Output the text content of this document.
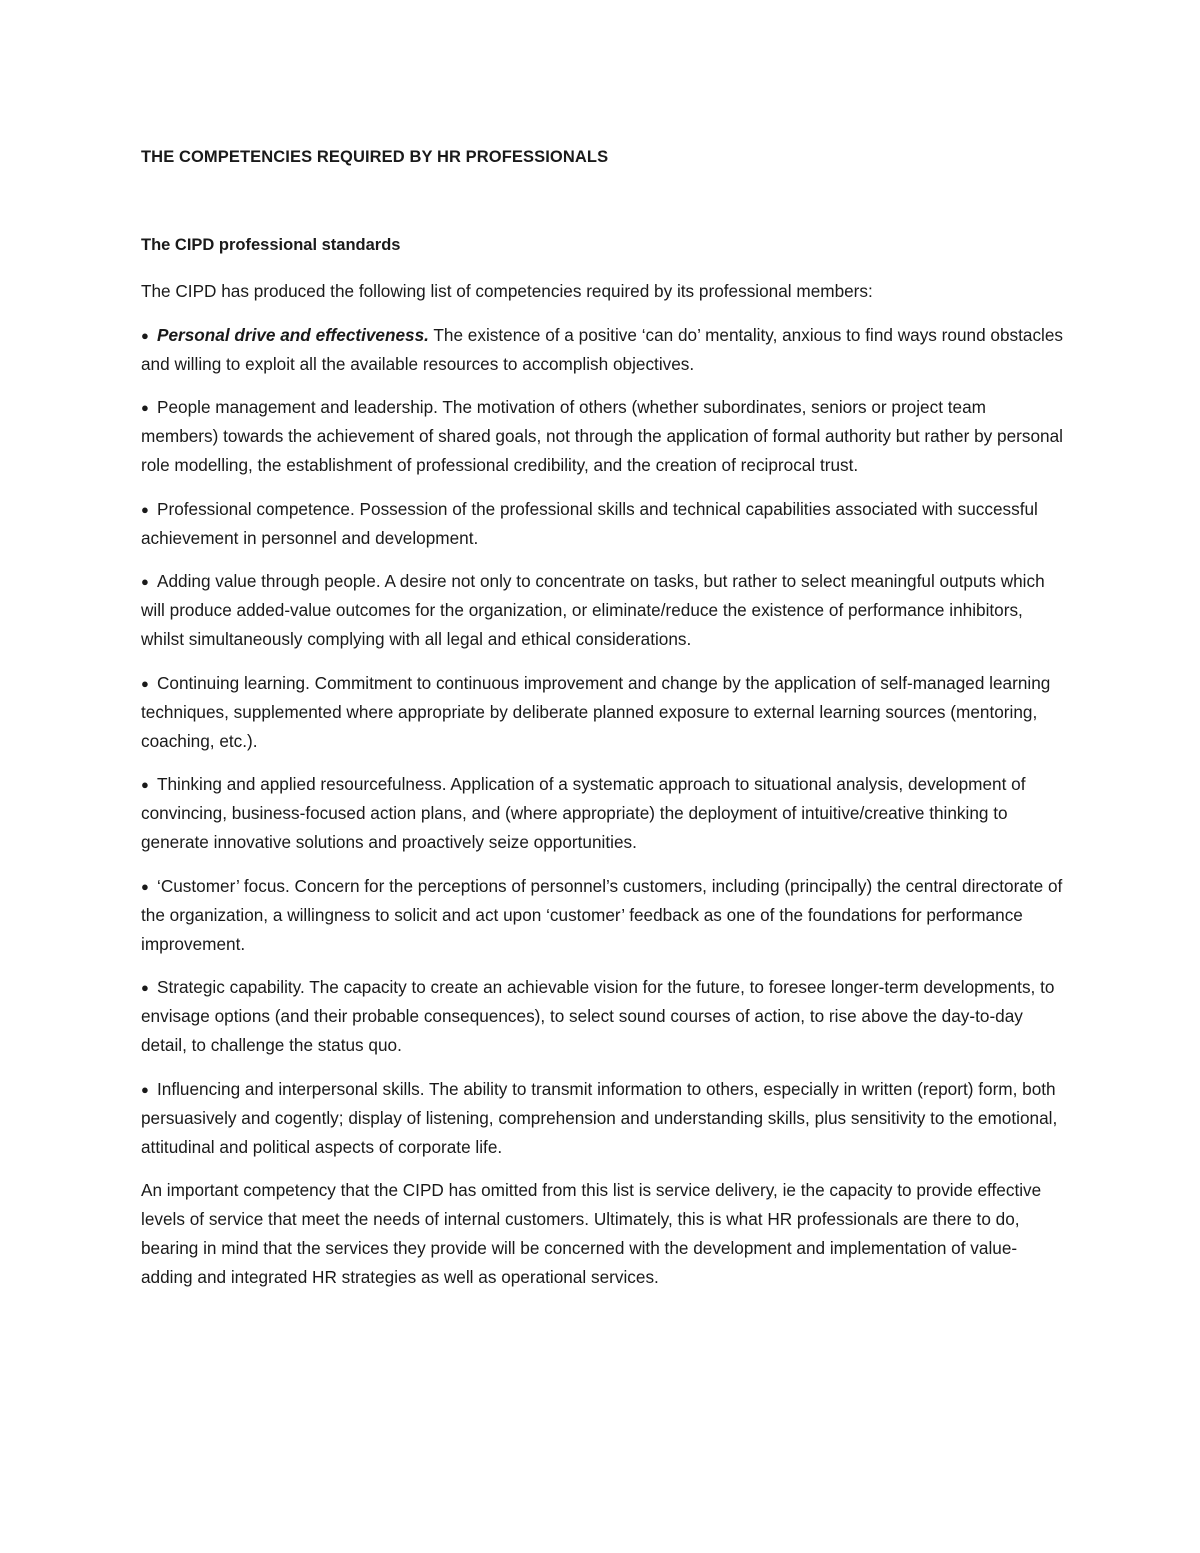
THE COMPETENCIES REQUIRED BY HR PROFESSIONALS
The CIPD professional standards
The CIPD has produced the following list of competencies required by its professional members:
● Personal drive and effectiveness. The existence of a positive ‘can do’ mentality, anxious to find ways round obstacles and willing to exploit all the available resources to accomplish objectives.
● People management and leadership. The motivation of others (whether subordinates, seniors or project team members) towards the achievement of shared goals, not through the application of formal authority but rather by personal role modelling, the establishment of professional credibility, and the creation of reciprocal trust.
● Professional competence. Possession of the professional skills and technical capabilities associated with successful achievement in personnel and development.
● Adding value through people. A desire not only to concentrate on tasks, but rather to select meaningful outputs which will produce added-value outcomes for the organization, or eliminate/reduce the existence of performance inhibitors, whilst simultaneously complying with all legal and ethical considerations.
● Continuing learning. Commitment to continuous improvement and change by the application of self-managed learning techniques, supplemented where appropriate by deliberate planned exposure to external learning sources (mentoring, coaching, etc.).
● Thinking and applied resourcefulness. Application of a systematic approach to situational analysis, development of convincing, business-focused action plans, and (where appropriate) the deployment of intuitive/creative thinking to generate innovative solutions and proactively seize opportunities.
● ‘Customer’ focus. Concern for the perceptions of personnel’s customers, including (principally) the central directorate of the organization, a willingness to solicit and act upon ‘customer’ feedback as one of the foundations for performance improvement.
● Strategic capability. The capacity to create an achievable vision for the future, to foresee longer-term developments, to envisage options (and their probable consequences), to select sound courses of action, to rise above the day-to-day detail, to challenge the status quo.
● Influencing and interpersonal skills. The ability to transmit information to others, especially in written (report) form, both persuasively and cogently; display of listening, comprehension and understanding skills, plus sensitivity to the emotional, attitudinal and political aspects of corporate life.
An important competency that the CIPD has omitted from this list is service delivery, ie the capacity to provide effective levels of service that meet the needs of internal customers. Ultimately, this is what HR professionals are there to do, bearing in mind that the services they provide will be concerned with the development and implementation of value-adding and integrated HR strategies as well as operational services.
